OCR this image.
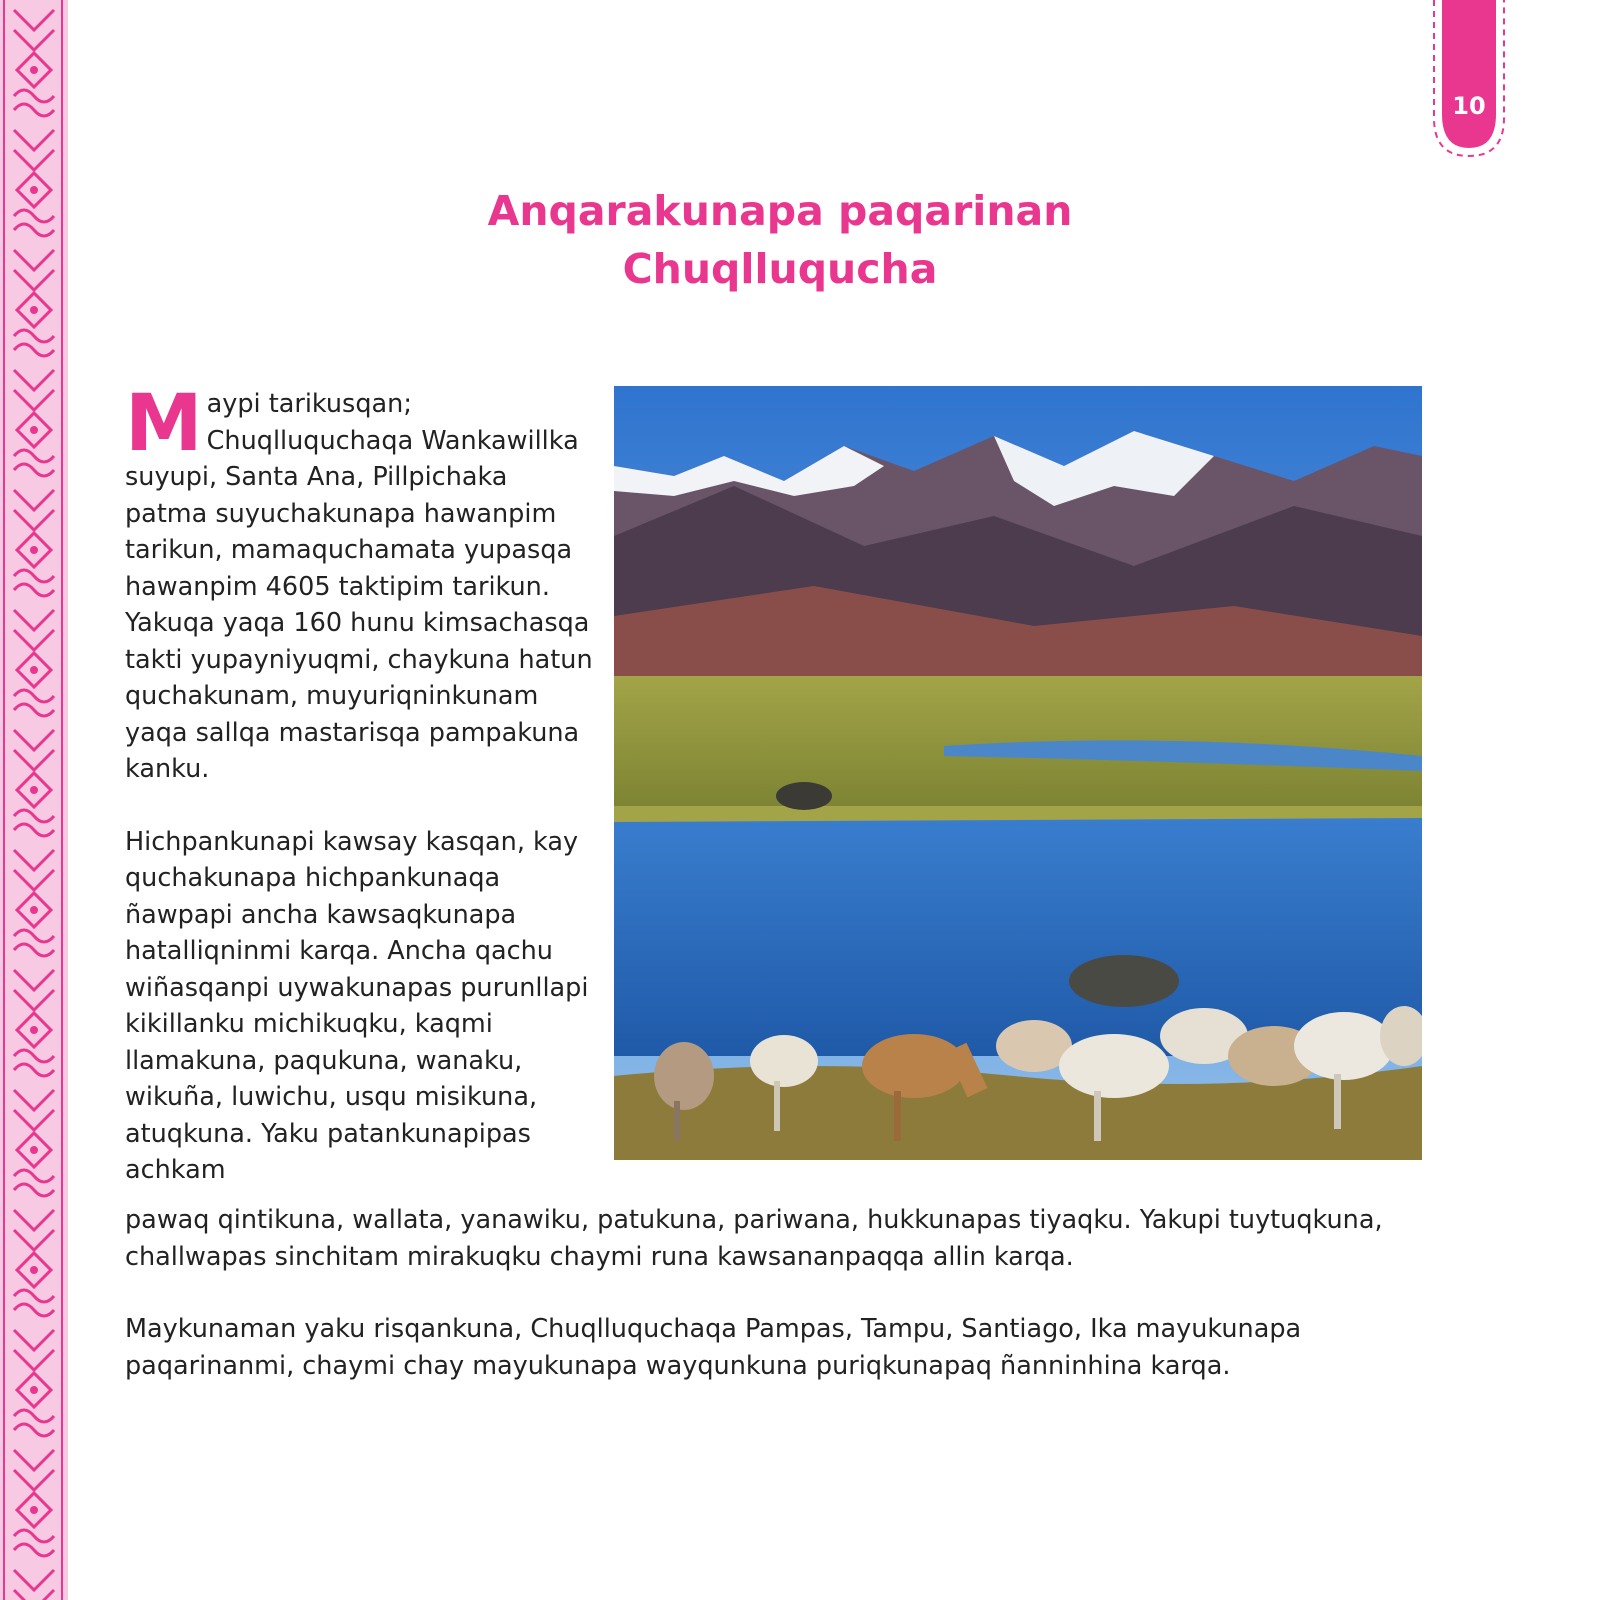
10
Anqarakunapa paqarinan
Chuqlluqucha

Maypi tarikusqan; Chuqlluquchaqa Wankawillka suyupi, Santa Ana, Pillpichaka patma suyuchakunapa hawanpim tarikun, mamaquchamata yupasqa hawanpim 4605 taktipim tarikun. Yakuqa yaqa 160 hunu kimsachasqa takti yupayniyuqmi, chaykuna hatun quchakunam, muyuriqninkunam yaqa sallqa mastarisqa pampakuna kanku.

Hichpankunapi kawsay kasqan, kay quchakunapa hichpankunaqa ñawpapi ancha kawsaqkunapa hatalliqninmi karqa. Ancha qachu wiñasqanpi uywakunapas purunllapi kikillanku michikuqku, kaqmi llamakuna, paqukuna, wanaku, wikuña, luwichu, usqu misikuna, atuqkuna. Yaku patankunapipas achkam

pawaq qintikuna, wallata, yanawiku, patukuna, pariwana, hukkunapas tiyaqku. Yakupi tuytuqkuna, challwapas sinchitam mirakuqku chaymi runa kawsananpaqqa allin karqa.

Maykunaman yaku risqankuna, Chuqlluquchaqa Pampas, Tampu, Santiago, Ika mayukunapa paqarinanmi, chaymi chay mayukunapa wayqunkuna puriqkunapaq ñanninhina karqa.
